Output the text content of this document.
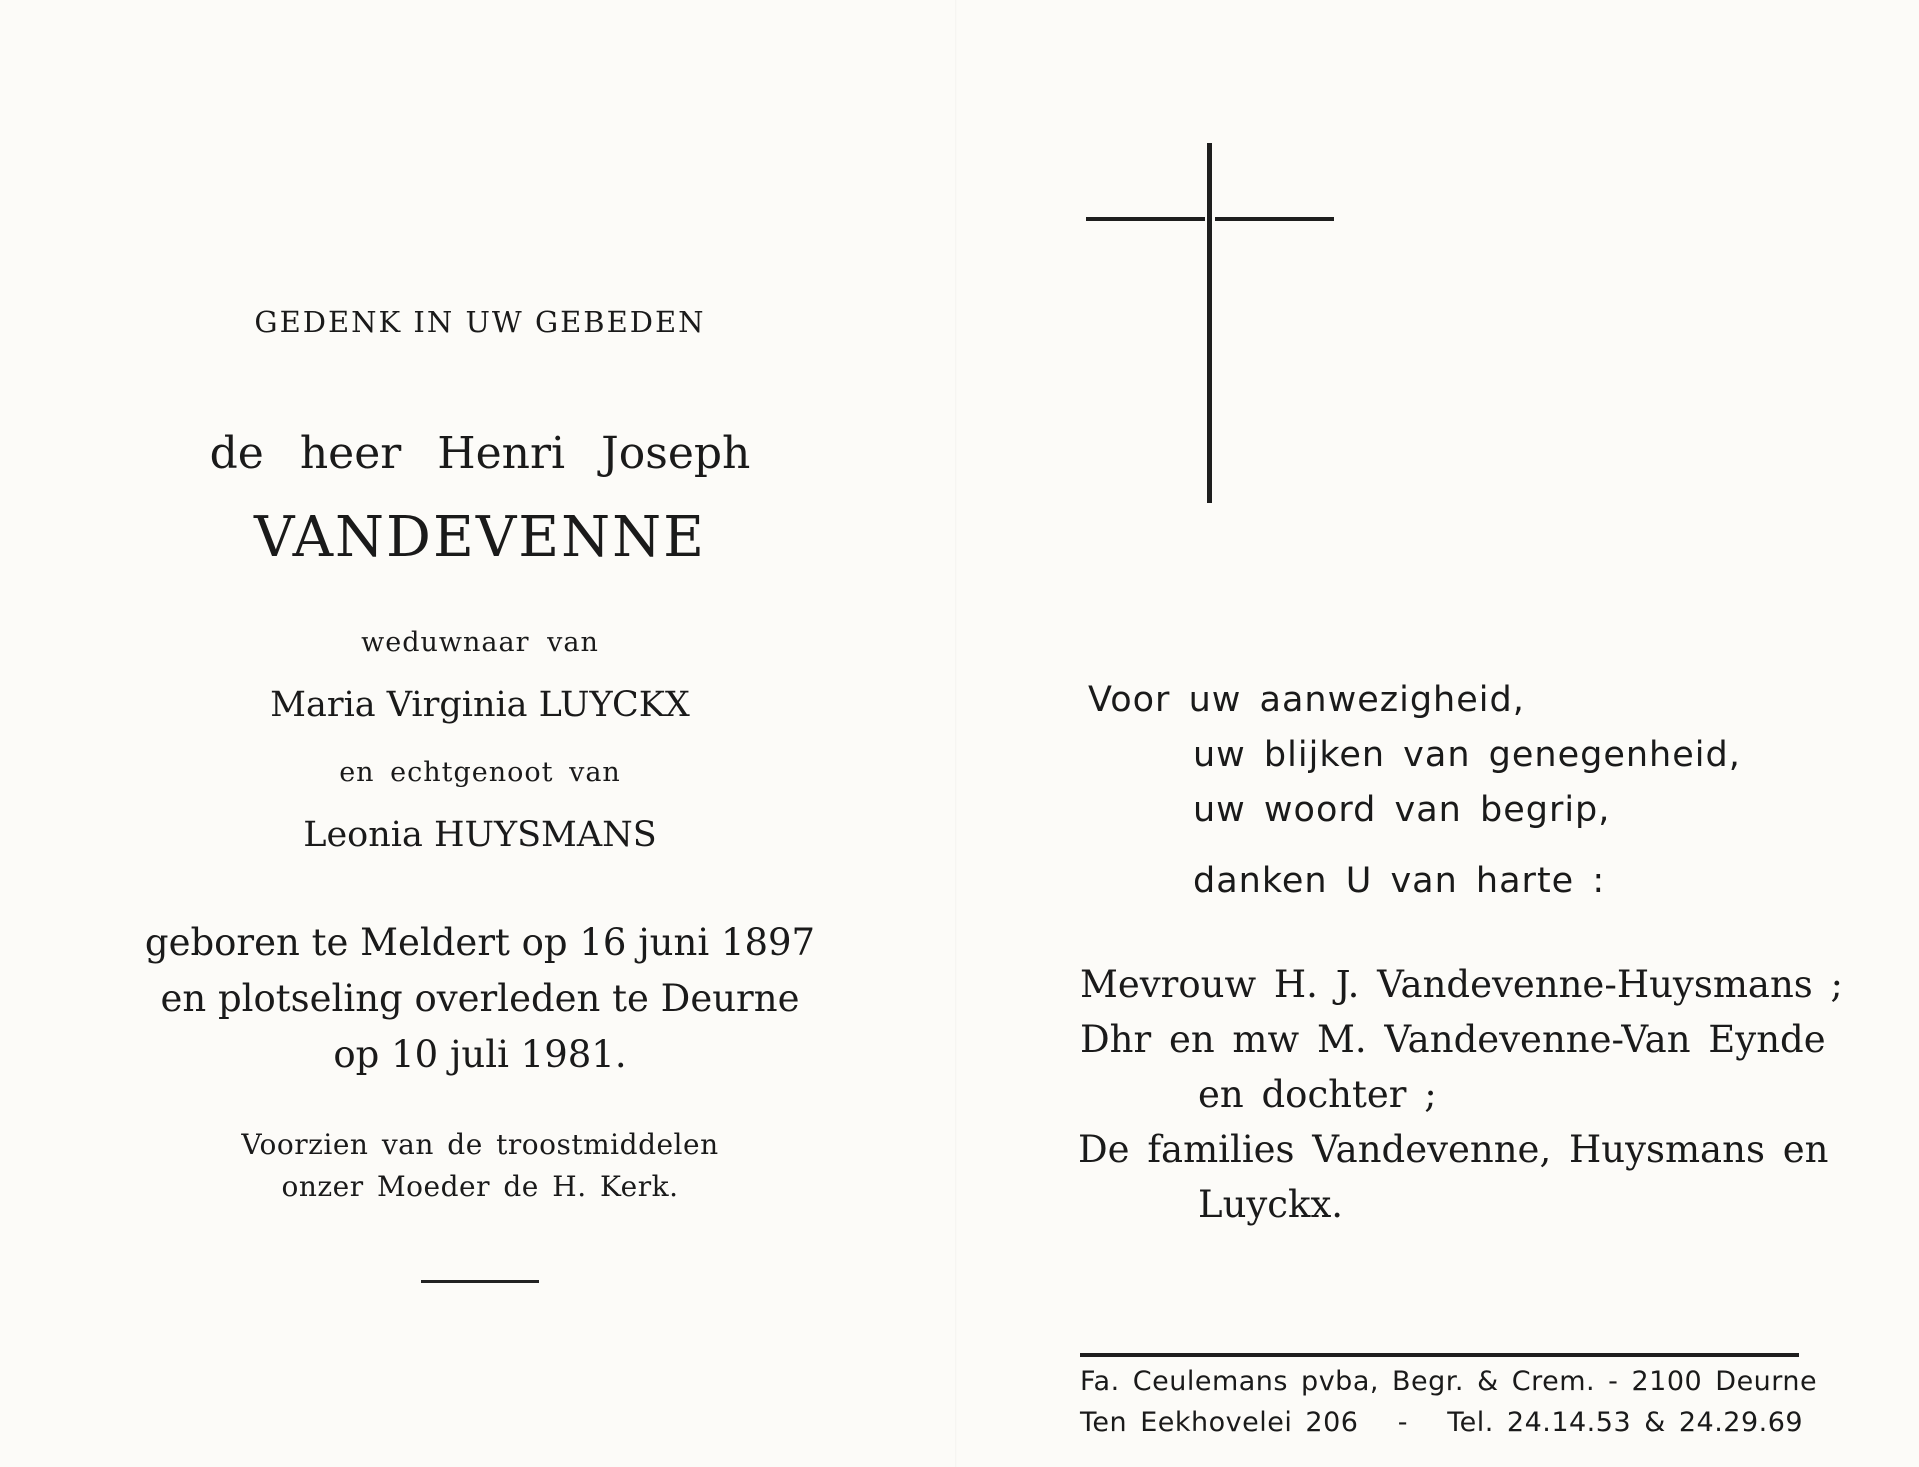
GEDENK IN UW GEBEDEN
de heer Henri Joseph
VANDEVENNE
weduwnaar van
Maria Virginia LUYCKX
en echtgenoot van
Leonia HUYSMANS
geboren te Meldert op 16 juni 1897
en plotseling overleden te Deurne
op 10 juli 1981.
Voorzien van de troostmiddelen
onzer Moeder de H. Kerk.
Voor uw aanwezigheid,
uw blijken van genegenheid,
uw woord van begrip,
danken U van harte :
Mevrouw H. J. Vandevenne-Huysmans ;
Dhr en mw M. Vandevenne-Van Eynde
en dochter ;
De families Vandevenne, Huysmans en
Luyckx.
Fa. Ceulemans pvba, Begr. & Crem. - 2100 Deurne
Ten Eekhovelei 206   -   Tel. 24.14.53 & 24.29.69
